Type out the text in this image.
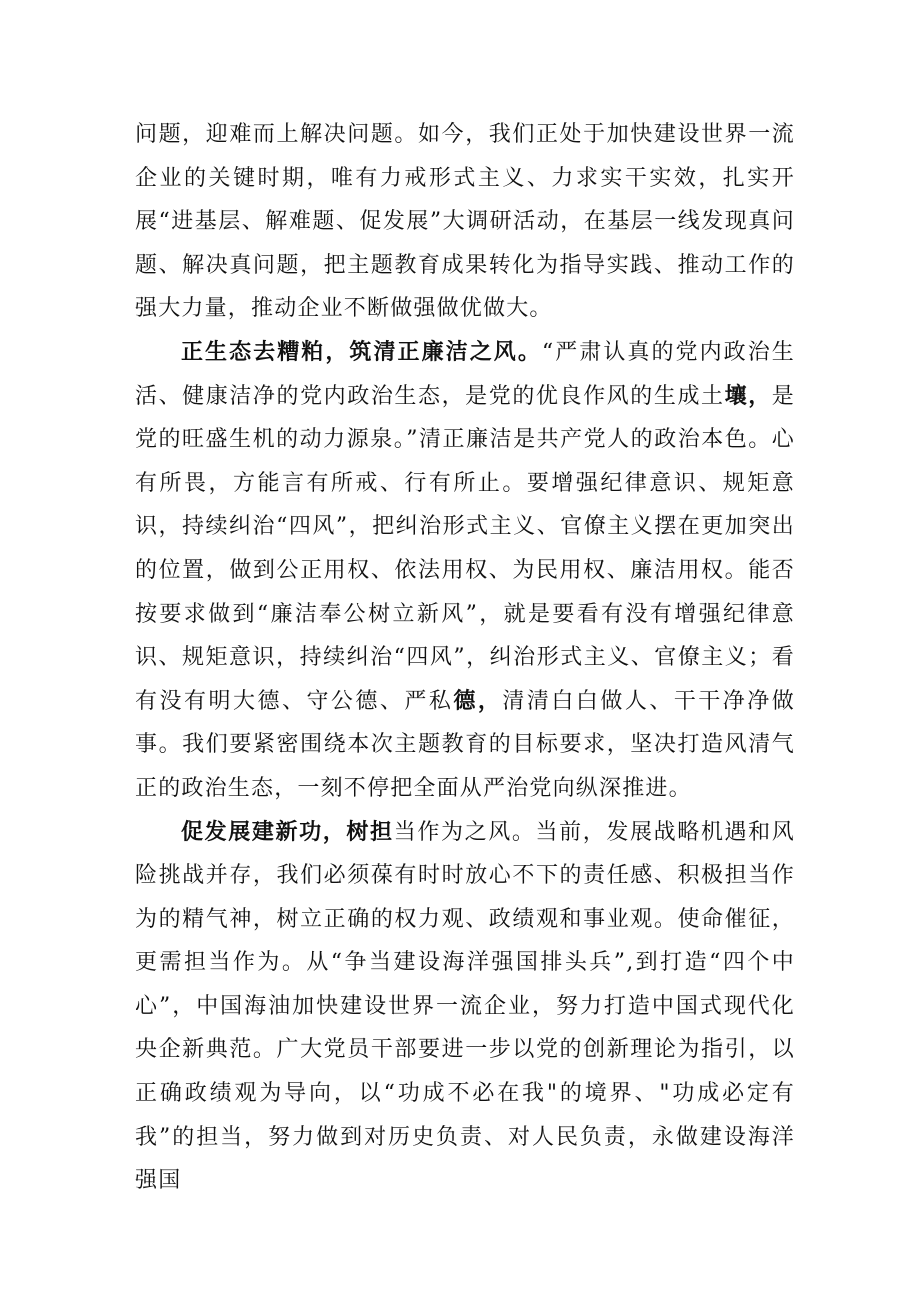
问题，迎难而上解决问题。如今，我们正处于加快建设世界一流企业的关键时期，唯有力戒形式主义、力求实干实效，扎实开展“进基层、解难题、促发展”大调研活动，在基层一线发现真问题、解决真问题，把主题教育成果转化为指导实践、推动工作的强大力量，推动企业不断做强做优做大。

正生态去糟粕，筑清正廉洁之风。“严肃认真的党内政治生活、健康洁净的党内政治生态，是党的优良作风的生成土壤，是党的旺盛生机的动力源泉。”清正廉洁是共产党人的政治本色。心有所畏，方能言有所戒、行有所止。要增强纪律意识、规矩意识，持续纠治“四风”，把纠治形式主义、官僚主义摆在更加突出的位置，做到公正用权、依法用权、为民用权、廉洁用权。能否按要求做到“廉洁奉公树立新风”，就是要看有没有增强纪律意识、规矩意识，持续纠治“四风”，纠治形式主义、官僚主义；看有没有明大德、守公德、严私德，清清白白做人、干干净净做事。我们要紧密围绕本次主题教育的目标要求，坚决打造风清气正的政治生态，一刻不停把全面从严治党向纵深推进。

促发展建新功，树担当作为之风。当前，发展战略机遇和风险挑战并存，我们必须葆有时时放心不下的责任感、积极担当作为的精气神，树立正确的权力观、政绩观和事业观。使命催征，更需担当作为。从“争当建设海洋强国排头兵”,到打造“四个中心”，中国海油加快建设世界一流企业，努力打造中国式现代化央企新典范。广大党员干部要进一步以党的创新理论为指引，以正确政绩观为导向，以“功成不必在我"的境界、"功成必定有我”的担当，努力做到对历史负责、对人民负责，永做建设海洋强国
